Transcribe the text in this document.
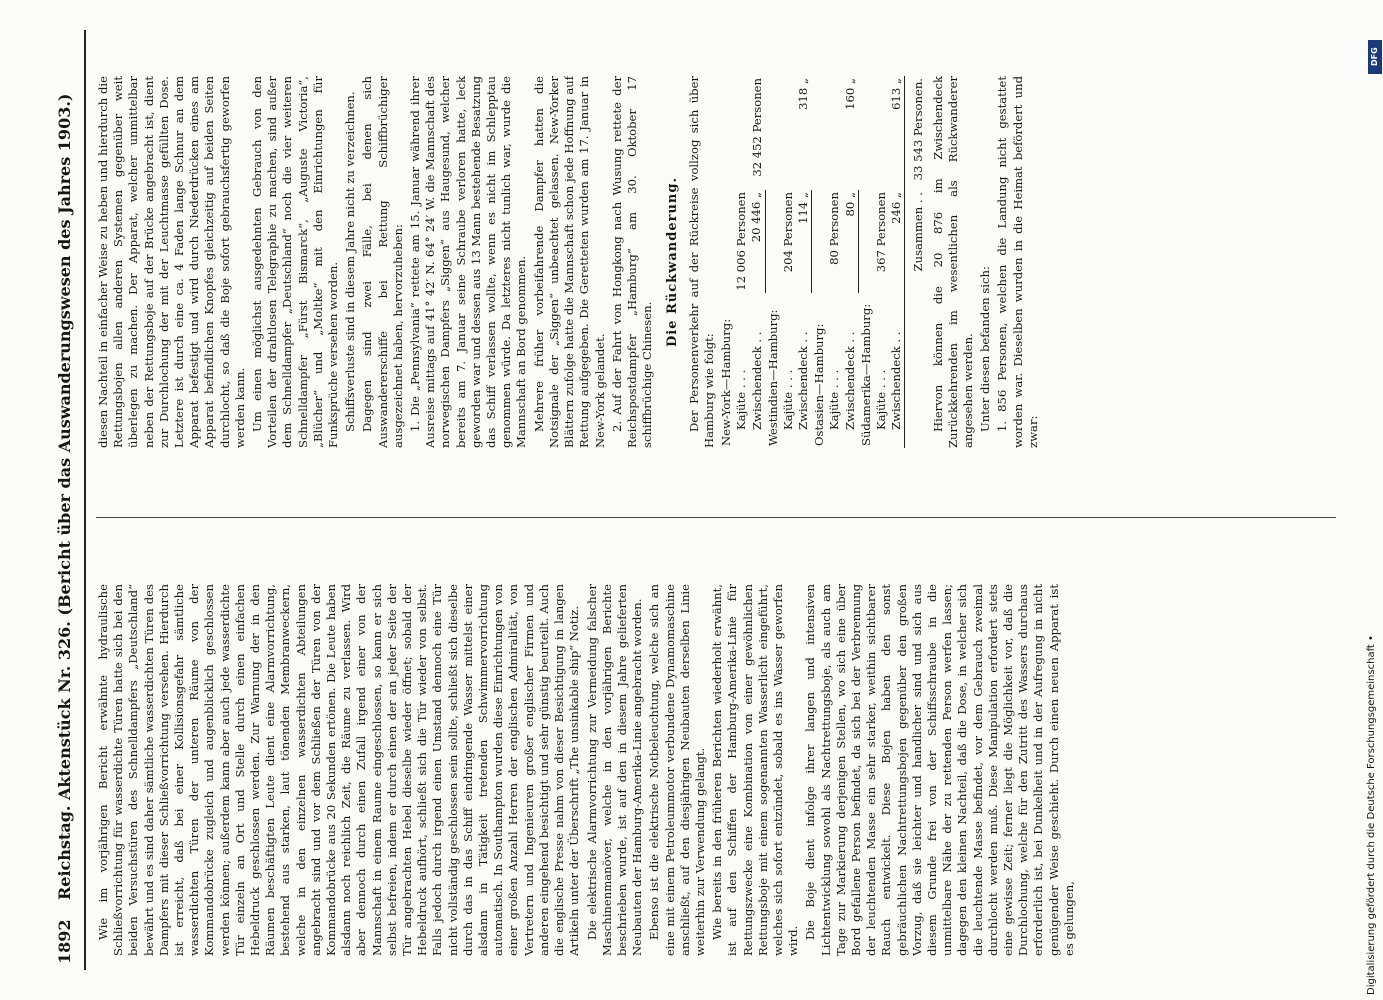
1892
Reichstag. Aktenstück Nr. 326. (Bericht über das Auswanderungswesen des Jahres 1903.)	Wie im vorjährigen Bericht erwähnte hydraulische Schließvorrichtung für wasserdichte Türen hatte sich bei den beiden Versuchstüren des Schnelldampfers „Deutschland“ bewährt und es sind daher sämtliche wasserdichten Türen des Dampfers mit dieser Schließvorrichtung versehen. Hierdurch ist erreicht, daß bei einer Kollisionsgefahr sämtliche wasserdichten Türen der unteren Räume von der Kommandobrücke zugleich und augenblicklich geschlossen werden können; außerdem kann aber auch jede wasserdichte Tür einzeln an Ort und Stelle durch einen einfachen Hebeldruck geschlossen werden. Zur Warnung der in den Räumen beschäftigten Leute dient eine Alarmvorrichtung, bestehend aus starken, laut tönenden Membranweckern, welche in den einzelnen wasserdichten Abteilungen angebracht sind und vor dem Schließen der Türen von der Kommandobrücke aus 20 Sekunden ertönen. Die Leute haben alsdann noch reichlich Zeit, die Räume zu verlassen. Wird aber dennoch durch einen Zufall irgend einer von der Mannschaft in einem Raume eingeschlossen, so kann er sich selbst befreien, indem er durch einen der an jeder Seite der Tür angebrachten Hebel dieselbe wieder öffnet; sobald der Hebeldruck aufhört, schließt sich die Tür wieder von selbst. Falls jedoch durch irgend einen Umstand dennoch eine Tür nicht vollständig geschlossen sein sollte, schließt sich dieselbe durch das in das Schiff eindringende Wasser mittelst einer alsdann in Tätigkeit tretenden Schwimmervorrichtung automatisch. In Southampton wurden diese Einrichtungen von einer großen Anzahl Herren der englischen Admiralität, von Vertretern und Ingenieuren großer englischer Firmen und anderen eingehend besichtigt und sehr günstig beurteilt. Auch die englische Presse nahm von dieser Besichtigung in langen Artikeln unter der Überschrift „The unsinkable ship“ Notiz. Die elektrische Alarmvorrichtung zur Vermeidung falscher Maschinenmanöver, welche in den vorjährigen Berichte beschrieben wurde, ist auf den in diesem Jahre gelieferten Neubauten der Hamburg-Amerika-Linie angebracht worden. Ebenso ist die elektrische Notbeleuchtung, welche sich an eine mit einem Petroleummotor verbundene Dynamomaschine anschließt, auf den diesjährigen Neubauten derselben Linie weiterhin zur Verwendung gelangt. Wie bereits in den früheren Berichten wiederholt erwähnt, ist auf den Schiffen der Hamburg-Amerika-Linie für Rettungszwecke eine Kombination von einer gewöhnlichen Rettungsboje mit einem sogenannten Wasserlicht eingeführt, welches sich sofort entzündet, sobald es ins Wasser geworfen wird.

Die Boje dient infolge ihrer langen und intensiven Lichtentwicklung sowohl als Nachtrettungsboje, als auch am Tage zur Markierung derjenigen Stellen, wo sich eine über Bord gefallene Person befindet, da sich bei der Verbrennung der leuchtenden Masse ein sehr starker, weithin sichtbarer Rauch entwickelt. Diese Bojen haben den sonst gebräuchlichen Nachtrettungsbojen gegenüber den großen Vorzug, daß sie leichter und handlicher sind und sich aus diesem Grunde frei von der Schiffsschraube in die unmittelbare Nähe der zu rettenden Person werfen lassen; dagegen den kleinen Nachteil, daß die Dose, in welcher sich die leuchtende Masse befindet, vor dem Gebrauch zweimal durchlocht werden muß. Diese Manipulation erfordert stets eine gewisse Zeit; ferner liegt die Möglichkeit vor, daß die Durchlochung, welche für den Zutritt des Wassers durchaus erforderlich ist, bei Dunkelheit und in der Aufregung in nicht genügender Weise geschieht. Durch einen neuen Apparat ist es gelungen,

diesen Nachteil in einfacher Weise zu heben und hierdurch die Rettungsbojen allen anderen Systemen gegenüber weit überlegen zu machen. Der Apparat, welcher unmittelbar neben der Rettungsboje auf der Brücke angebracht ist, dient zur Durchlochung der mit der Leuchtmasse gefüllten Dose. Letztere ist durch eine ca. 4 Faden lange Schnur an dem Apparat befestigt und wird durch Niederdrücken eines am Apparat befindlichen Knopfes gleichzeitig auf beiden Seiten durchlocht, so daß die Boje sofort gebrauchsfertig geworfen werden kann. Um einen möglichst ausgedehnten Gebrauch von den Vorteilen der drahtlosen Telegraphie zu machen, sind außer dem Schnelldampfer „Deutschland“ noch die vier weiteren Schnelldampfer „Fürst Bismarck“, „Auguste Victoria“, „Blücher“ und „Moltke“ mit den Einrichtungen für Funksprüche versehen worden. Schiffsverluste sind in diesem Jahre nicht zu verzeichnen. Dagegen sind zwei Fälle, bei denen sich Auswandererschiffe bei Rettung Schiffbrüchiger ausgezeichnet haben, hervorzuheben: 1. Die „Pennsylvania“ rettete am 15. Januar während ihrer Ausreise mittags auf 41° 42′ N. 64° 24′ W. die Mannschaft des norwegischen Dampfers „Siggen“ aus Haugesund, welcher bereits am 7. Januar seine Schraube verloren hatte, leck geworden war und dessen aus 13 Mann bestehende Besatzung das Schiff verlassen wollte, wenn es nicht im Schlepptau genommen würde. Da letzteres nicht tunlich war, wurde die Mannschaft an Bord genommen. Mehrere früher vorbeifahrende Dampfer hatten die Notsignale der „Siggen“ unbeachtet gelassen. New-Yorker Blättern zufolge hatte die Mannschaft schon jede Hoffnung auf Rettung aufgegeben. Die Geretteten wurden am 17. Januar in New-York gelandet. 2. Auf der Fahrt von Hongkong nach Wusung rettete der Reichspostdampfer „Hamburg“ am 30. Oktober 17 schiffbrüchige Chinesen.

Die Rückwanderung. Der Personenverkehr auf der Rückreise vollzog sich über Hamburg wie folgt: New-York—Hamburg:		
Kajüte . . .	12 006 Personen	
Zwischendeck . .	20 446 „	32 452 Personen
Westindien—Hamburg:		
Kajüte . . .	204 Personen	
Zwischendeck . .	114 „	318 „
Ostasien—Hamburg:		
Kajüte . . .	80 Personen	
Zwischendeck . .	80 „	160 „
Südamerika—Hamburg:		
Kajüte . . .	367 Personen	
Zwischendeck . .	246 „	613 „

Zusammen . .		33 543 Personen. Hiervon können die 20 876 im Zwischendeck Zurückkehrenden im wesentlichen als Rückwanderer angesehen werden. Unter diesen befanden sich: 1. 856 Personen, welchen die Landung nicht gestattet worden war. Dieselben wurden in die Heimat befördert und zwar:

Digitalisierung gefördert durch die Deutsche Forschungsgemeinschaft •
DFG
